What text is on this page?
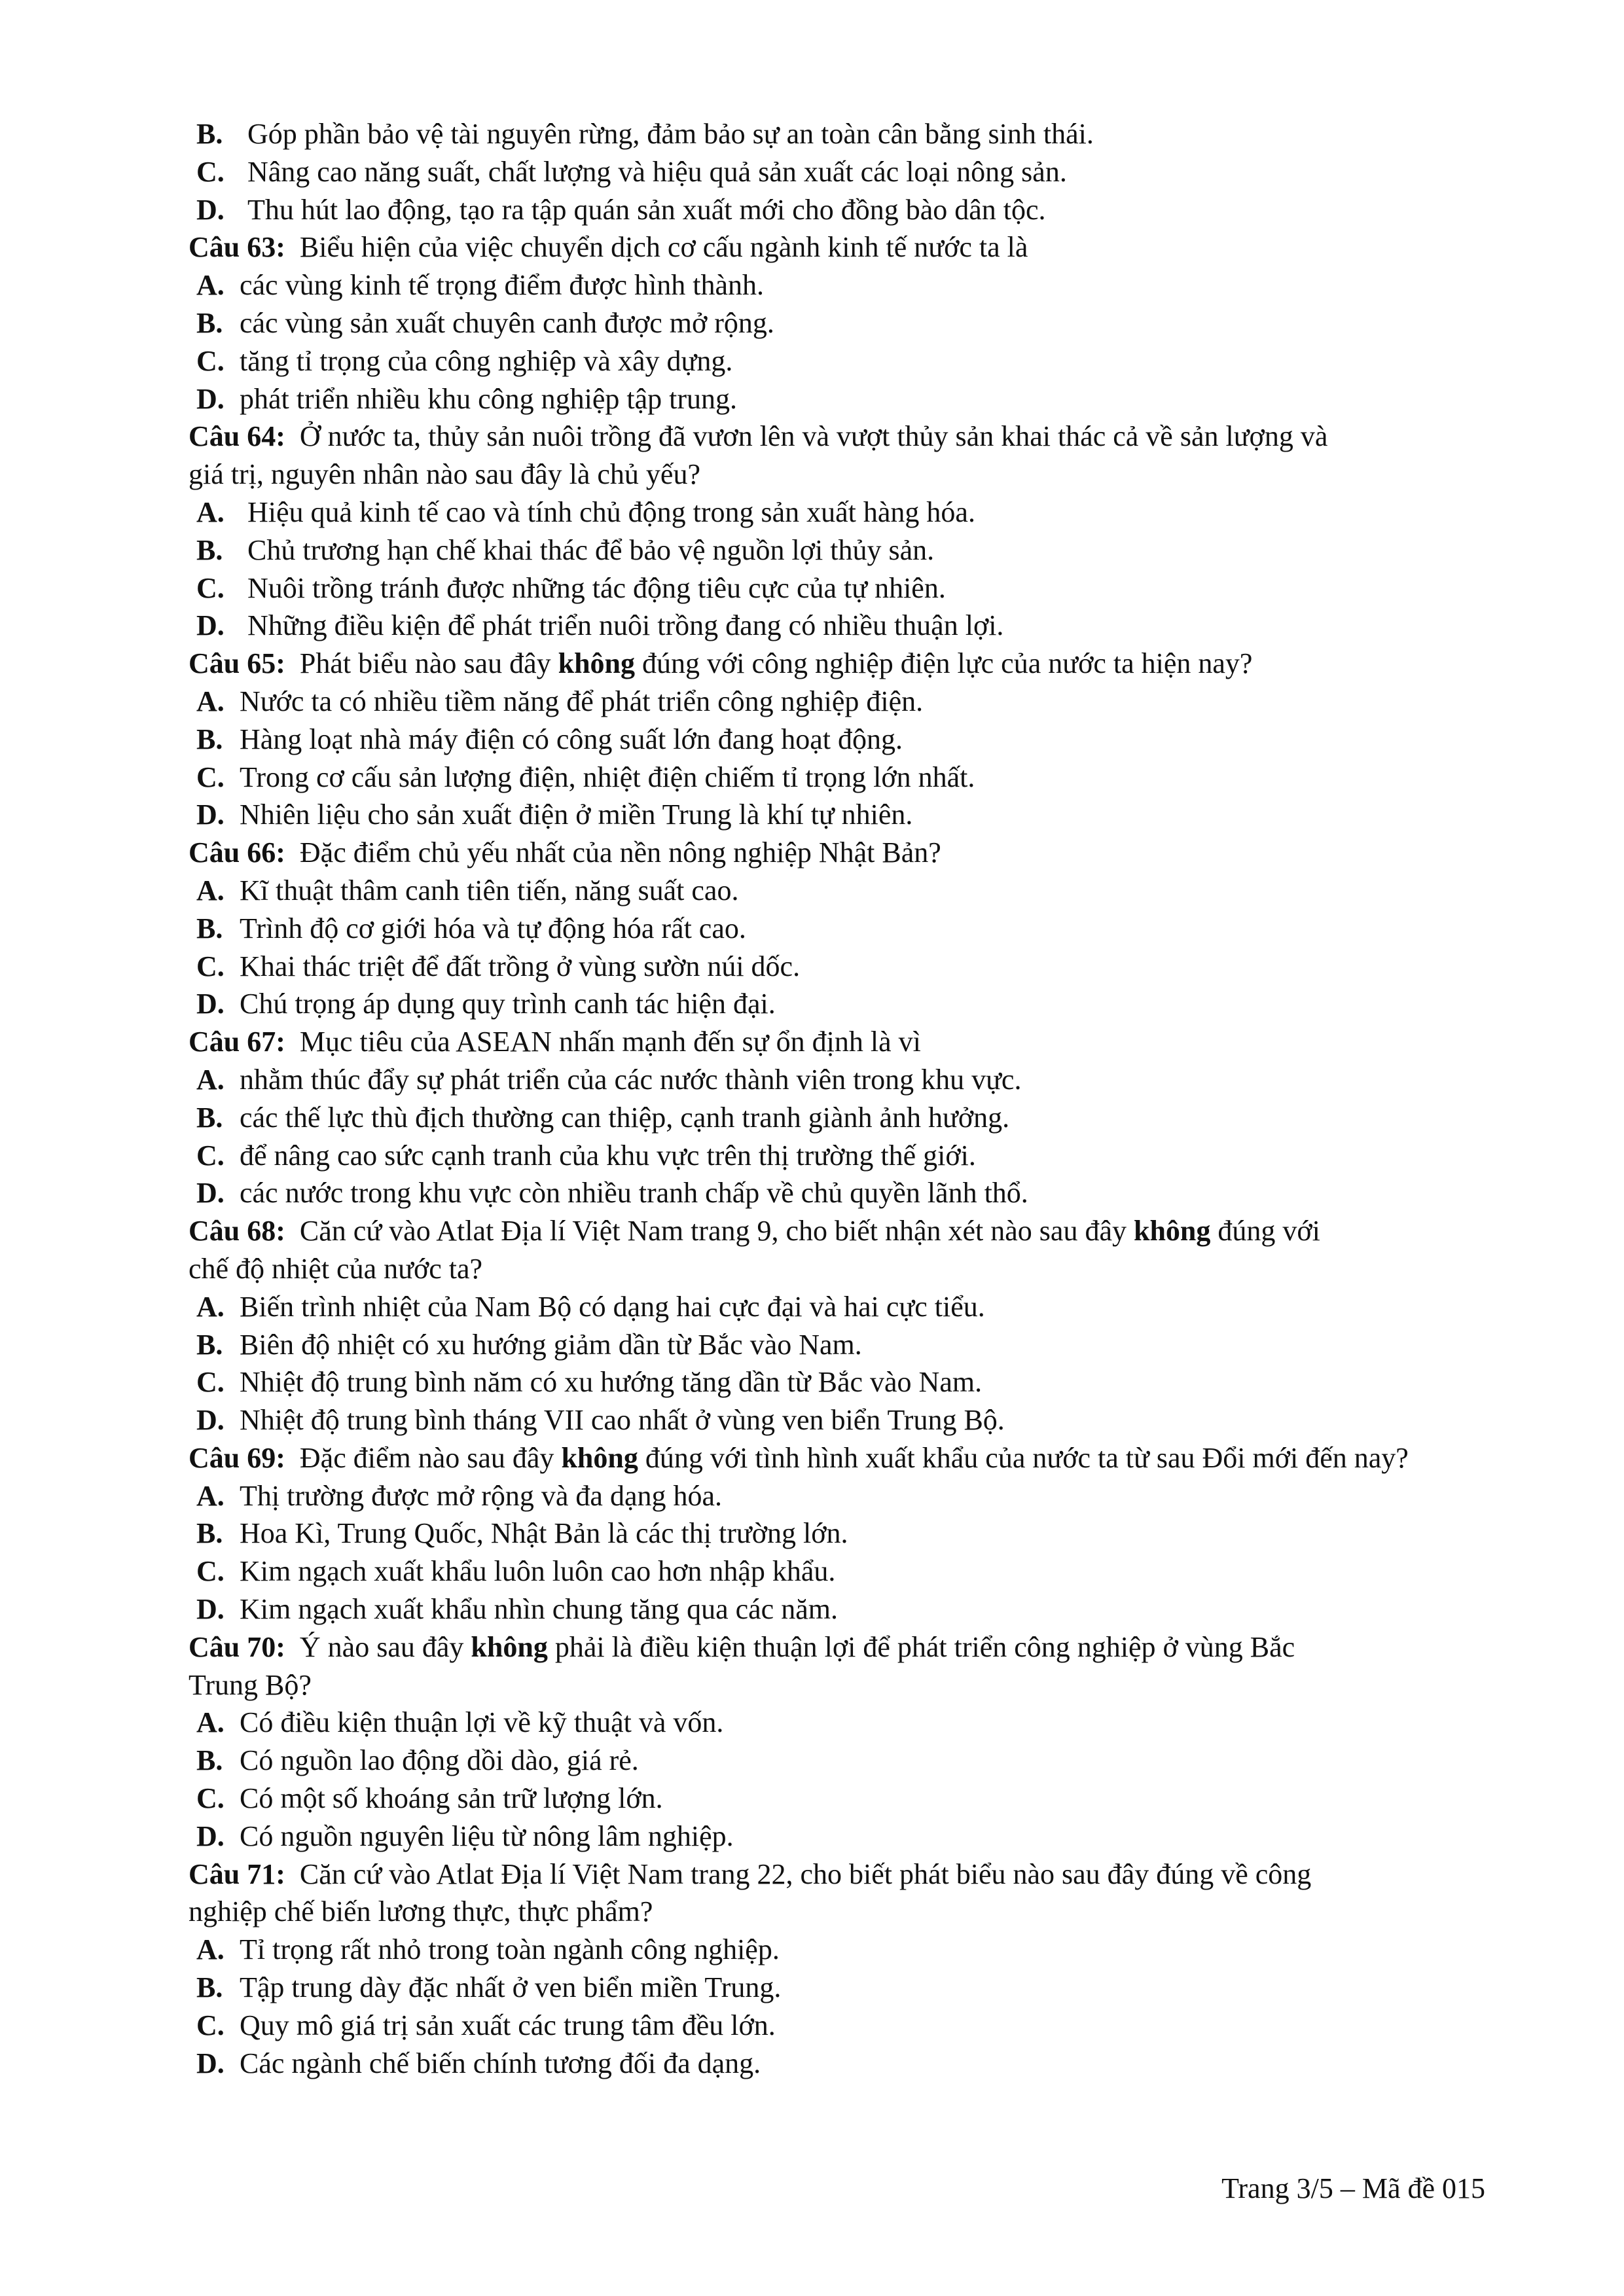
B. Góp phần bảo vệ tài nguyên rừng, đảm bảo sự an toàn cân bằng sinh thái.
C. Nâng cao năng suất, chất lượng và hiệu quả sản xuất các loại nông sản.
D. Thu hút lao động, tạo ra tập quán sản xuất mới cho đồng bào dân tộc.
Câu 63: Biểu hiện của việc chuyển dịch cơ cấu ngành kinh tế nước ta là
A. các vùng kinh tế trọng điểm được hình thành.
B. các vùng sản xuất chuyên canh được mở rộng.
C. tăng tỉ trọng của công nghiệp và xây dựng.
D. phát triển nhiều khu công nghiệp tập trung.
Câu 64: Ở nước ta, thủy sản nuôi trồng đã vươn lên và vượt thủy sản khai thác cả về sản lượng và
giá trị, nguyên nhân nào sau đây là chủ yếu?
A. Hiệu quả kinh tế cao và tính chủ động trong sản xuất hàng hóa.
B. Chủ trương hạn chế khai thác để bảo vệ nguồn lợi thủy sản.
C. Nuôi trồng tránh được những tác động tiêu cực của tự nhiên.
D. Những điều kiện để phát triển nuôi trồng đang có nhiều thuận lợi.
Câu 65: Phát biểu nào sau đây không đúng với công nghiệp điện lực của nước ta hiện nay?
A. Nước ta có nhiều tiềm năng để phát triển công nghiệp điện.
B. Hàng loạt nhà máy điện có công suất lớn đang hoạt động.
C. Trong cơ cấu sản lượng điện, nhiệt điện chiếm tỉ trọng lớn nhất.
D. Nhiên liệu cho sản xuất điện ở miền Trung là khí tự nhiên.
Câu 66: Đặc điểm chủ yếu nhất của nền nông nghiệp Nhật Bản?
A. Kĩ thuật thâm canh tiên tiến, năng suất cao.
B. Trình độ cơ giới hóa và tự động hóa rất cao.
C. Khai thác triệt để đất trồng ở vùng sườn núi dốc.
D. Chú trọng áp dụng quy trình canh tác hiện đại.
Câu 67: Mục tiêu của ASEAN nhấn mạnh đến sự ổn định là vì
A. nhằm thúc đẩy sự phát triển của các nước thành viên trong khu vực.
B. các thế lực thù địch thường can thiệp, cạnh tranh giành ảnh hưởng.
C. để nâng cao sức cạnh tranh của khu vực trên thị trường thế giới.
D. các nước trong khu vực còn nhiều tranh chấp về chủ quyền lãnh thổ.
Câu 68: Căn cứ vào Atlat Địa lí Việt Nam trang 9, cho biết nhận xét nào sau đây không đúng với
chế độ nhiệt của nước ta?
A. Biến trình nhiệt của Nam Bộ có dạng hai cực đại và hai cực tiểu.
B. Biên độ nhiệt có xu hướng giảm dần từ Bắc vào Nam.
C. Nhiệt độ trung bình năm có xu hướng tăng dần từ Bắc vào Nam.
D. Nhiệt độ trung bình tháng VII cao nhất ở vùng ven biển Trung Bộ.
Câu 69: Đặc điểm nào sau đây không đúng với tình hình xuất khẩu của nước ta từ sau Đổi mới đến nay?
A. Thị trường được mở rộng và đa dạng hóa.
B. Hoa Kì, Trung Quốc, Nhật Bản là các thị trường lớn.
C. Kim ngạch xuất khẩu luôn luôn cao hơn nhập khẩu.
D. Kim ngạch xuất khẩu nhìn chung tăng qua các năm.
Câu 70: Ý nào sau đây không phải là điều kiện thuận lợi để phát triển công nghiệp ở vùng Bắc
Trung Bộ?
A. Có điều kiện thuận lợi về kỹ thuật và vốn.
B. Có nguồn lao động dồi dào, giá rẻ.
C. Có một số khoáng sản trữ lượng lớn.
D. Có nguồn nguyên liệu từ nông lâm nghiệp.
Câu 71: Căn cứ vào Atlat Địa lí Việt Nam trang 22, cho biết phát biểu nào sau đây đúng về công
nghiệp chế biến lương thực, thực phẩm?
A. Tỉ trọng rất nhỏ trong toàn ngành công nghiệp.
B. Tập trung dày đặc nhất ở ven biển miền Trung.
C. Quy mô giá trị sản xuất các trung tâm đều lớn.
D. Các ngành chế biến chính tương đối đa dạng.
Trang 3/5 – Mã đề 015
